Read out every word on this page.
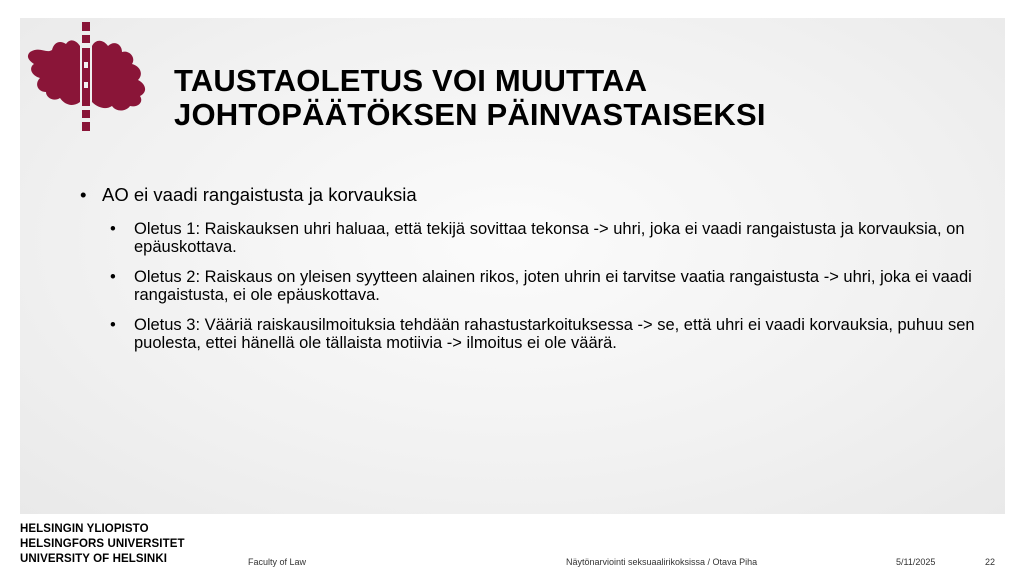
TAUSTAOLETUS VOI MUUTTAA
JOHTOPÄÄTÖKSEN PÄINVASTAISEKSI
• AO ei vaadi rangaistusta ja korvauksia
• Oletus 1: Raiskauksen uhri haluaa, että tekijä sovittaa tekonsa -> uhri, joka ei vaadi rangaistusta ja korvauksia, on epäuskottava.
• Oletus 2: Raiskaus on yleisen syytteen alainen rikos, joten uhrin ei tarvitse vaatia rangaistusta -> uhri, joka ei vaadi rangaistusta, ei ole epäuskottava.
• Oletus 3: Vääriä raiskausilmoituksia tehdään rahastustarkoituksessa -> se, että uhri ei vaadi korvauksia, puhuu sen puolesta, ettei hänellä ole tällaista motiivia -> ilmoitus ei ole väärä.
HELSINGIN YLIOPISTO
HELSINGFORS UNIVERSITET
UNIVERSITY OF HELSINKI	Faculty of Law	Näytönarviointi seksuaalirikoksissa / Otava Piha	5/11/2025	22
